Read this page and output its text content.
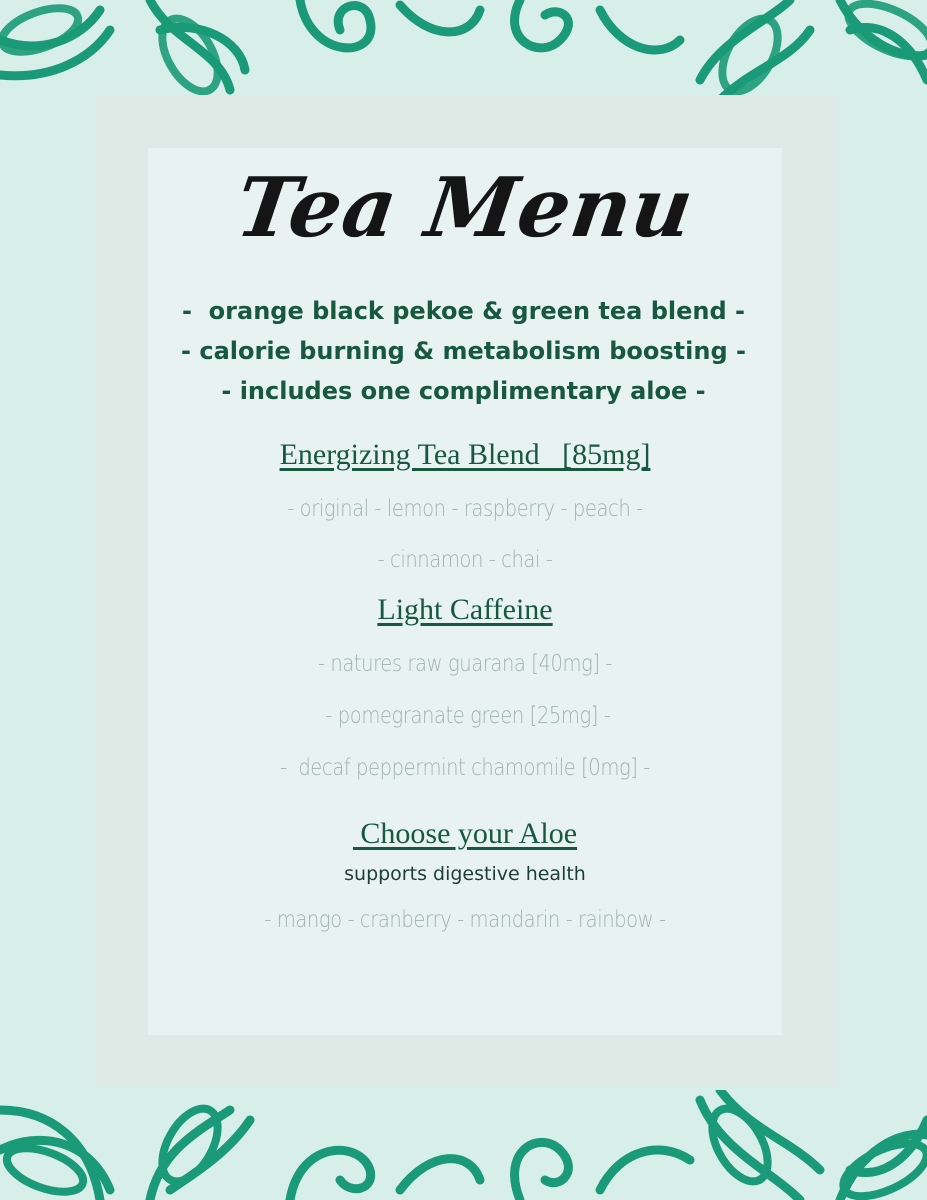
Tea Menu
-  orange black pekoe & green tea blend -
- calorie burning & metabolism boosting -
- includes one complimentary aloe -
Energizing Tea Blend   [85mg]
- original - lemon - raspberry - peach -
- cinnamon - chai -
Light Caffeine
- natures raw guarana [40mg] -
- pomegranate green [25mg] -
-  decaf peppermint chamomile [0mg] -
Choose your Aloe
supports digestive health
- mango - cranberry - mandarin - rainbow -
